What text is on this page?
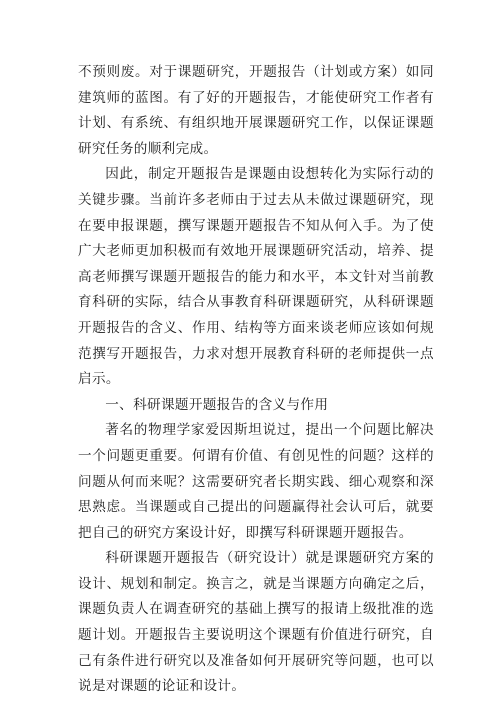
不预则废。对于课题研究，开题报告（计划或方案）如同建筑师的蓝图。有了好的开题报告，才能使研究工作者有计划、有系统、有组织地开展课题研究工作，以保证课题研究任务的顺利完成。

因此，制定开题报告是课题由设想转化为实际行动的关键步骤。当前许多老师由于过去从未做过课题研究，现在要申报课题，撰写课题开题报告不知从何入手。为了使广大老师更加积极而有效地开展课题研究活动，培养、提高老师撰写课题开题报告的能力和水平，本文针对当前教育科研的实际，结合从事教育科研课题研究，从科研课题开题报告的含义、作用、结构等方面来谈老师应该如何规范撰写开题报告，力求对想开展教育科研的老师提供一点启示。

一、科研课题开题报告的含义与作用

著名的物理学家爱因斯坦说过，提出一个问题比解决一个问题更重要。何谓有价值、有创见性的问题？这样的问题从何而来呢？这需要研究者长期实践、细心观察和深思熟虑。当课题或自己提出的问题赢得社会认可后，就要把自己的研究方案设计好，即撰写科研课题开题报告。

科研课题开题报告（研究设计）就是课题研究方案的设计、规划和制定。换言之，就是当课题方向确定之后，课题负责人在调查研究的基础上撰写的报请上级批准的选题计划。开题报告主要说明这个课题有价值进行研究，自己有条件进行研究以及准备如何开展研究等问题，也可以说是对课题的论证和设计。
